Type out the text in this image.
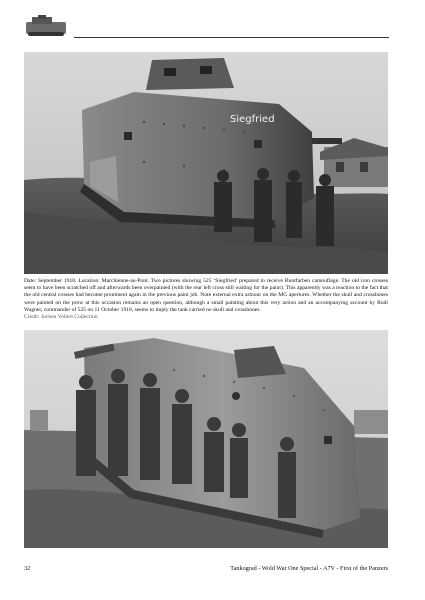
Siegfried
Date: September 1918. Location: Marchienne-au-Pont. Two pictures showing 525 ‘Siegfried’ prepared to receive Buntfarben camouflage. The old iron crosses seem to have been scratched off and afterwards been overpainted (with the rear left cross still waiting for the paint). This apparently was a reaction to the fact that the old central crosses had become prominent again in the previous paint job. Note external extra armour on the MG apertures. Whether the skull and crossbones were painted on the prow at this occasion remains an open question, although a small painting about this very action and an accompanying account by Rudi Wagner, commander of 525 on 11 October 1918, seems to imply the tank carried no skull and crossbones.
Credit: Jochen Vollert Collection
32	Tankograd - Wold War One Special - A7V - First of the Panzers
